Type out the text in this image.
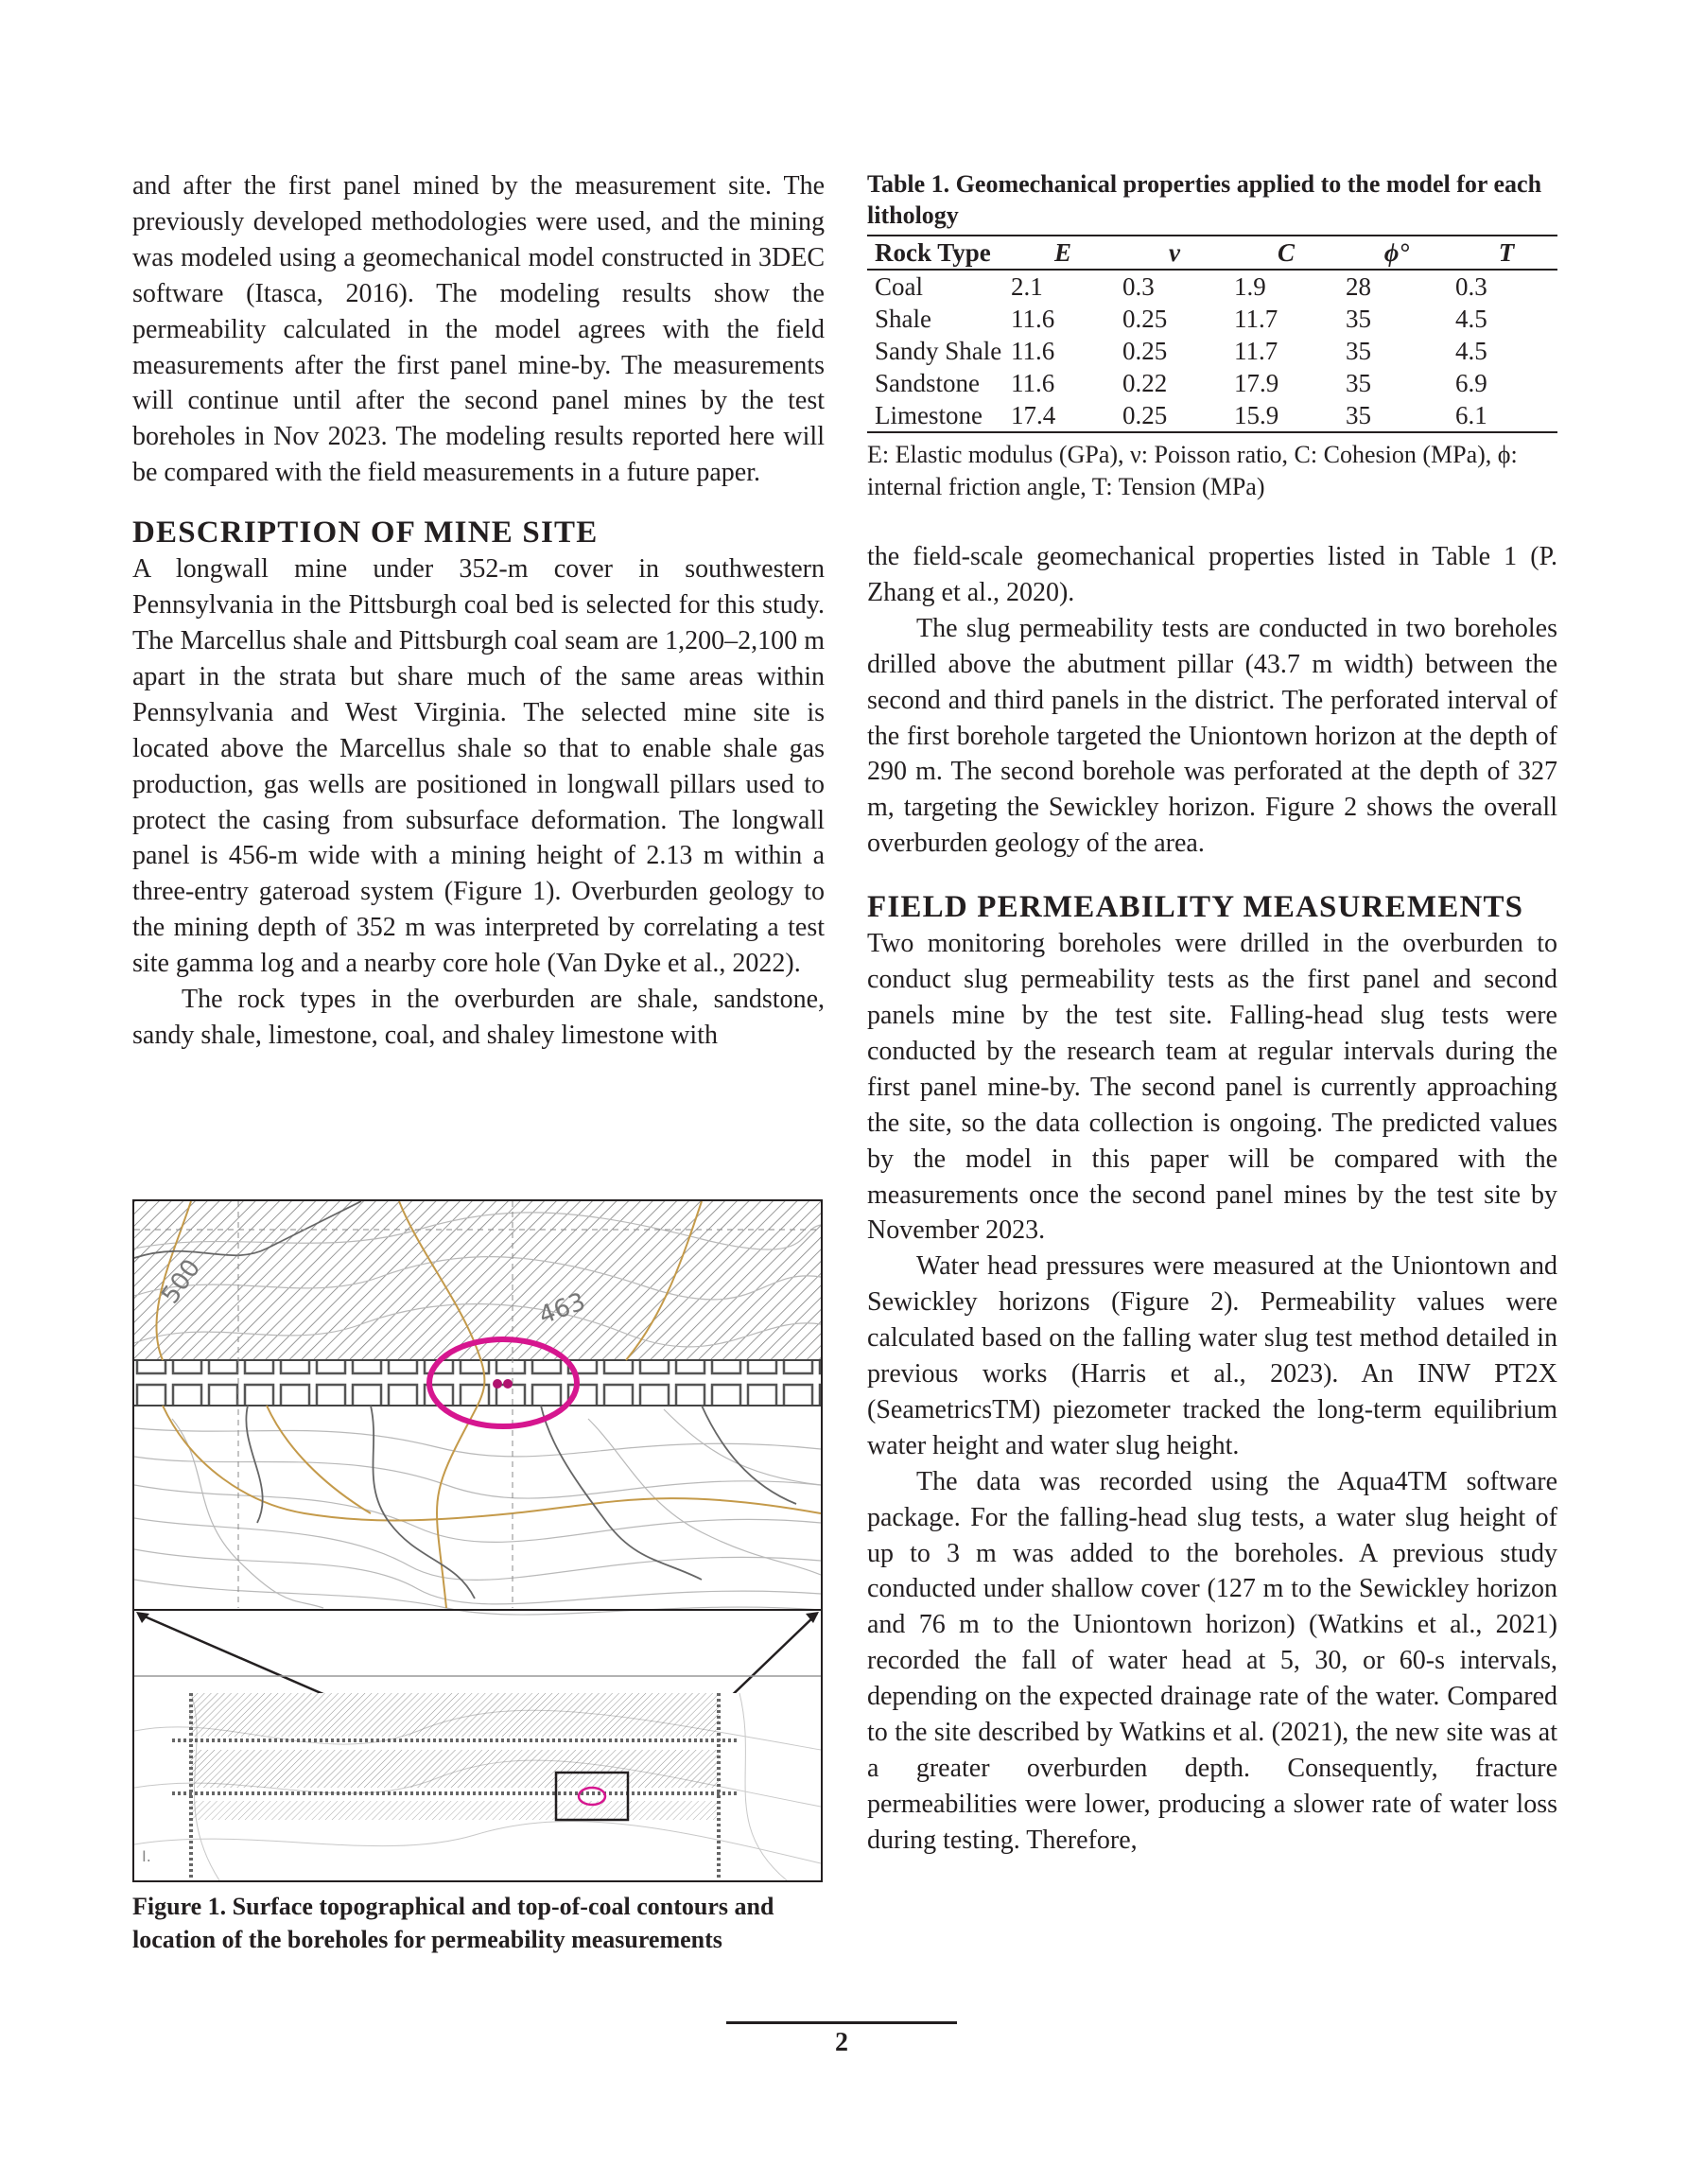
and after the first panel mined by the measurement site. The previously developed methodologies were used, and the mining was modeled using a geomechanical model constructed in 3DEC software (Itasca, 2016). The modeling results show the permeability calculated in the model agrees with the field measurements after the first panel mine-by. The measurements will continue until after the second panel mines by the test boreholes in Nov 2023. The modeling results reported here will be compared with the field measurements in a future paper.

DESCRIPTION OF MINE SITE

A longwall mine under 352-m cover in southwestern Pennsylvania in the Pittsburgh coal bed is selected for this study. The Marcellus shale and Pittsburgh coal seam are 1,200–2,100 m apart in the strata but share much of the same areas within Pennsylvania and West Virginia. The selected mine site is located above the Marcellus shale so that to enable shale gas production, gas wells are positioned in longwall pillars used to protect the casing from subsurface deformation. The longwall panel is 456-m wide with a mining height of 2.13 m within a three-entry gateroad system (Figure 1). Overburden geology to the mining depth of 352 m was interpreted by correlating a test site gamma log and a nearby core hole (Van Dyke et al., 2022).

The rock types in the overburden are shale, sandstone, sandy shale, limestone, coal, and shaley limestone with

500	463
I.
Figure 1. Surface topographical and top-of-coal contours and location of the boreholes for permeability measurements

Table 1. Geomechanical properties applied to the model for each lithology

Rock Type	E	ν	C	ϕ°	T
Coal	2.1	0.3	1.9	28	0.3
Shale	11.6	0.25	11.7	35	4.5
Sandy Shale	11.6	0.25	11.7	35	4.5
Sandstone	11.6	0.22	17.9	35	6.9
Limestone	17.4	0.25	15.9	35	6.1

E: Elastic modulus (GPa), ν: Poisson ratio, C: Cohesion (MPa), ϕ: internal friction angle, T: Tension (MPa)

the field-scale geomechanical properties listed in Table 1 (P. Zhang et al., 2020).

The slug permeability tests are conducted in two boreholes drilled above the abutment pillar (43.7 m width) between the second and third panels in the district. The perforated interval of the first borehole targeted the Uniontown horizon at the depth of 290 m. The second borehole was perforated at the depth of 327 m, targeting the Sewickley horizon. Figure 2 shows the overall overburden geology of the area.

FIELD PERMEABILITY MEASUREMENTS

Two monitoring boreholes were drilled in the overburden to conduct slug permeability tests as the first panel and second panels mine by the test site. Falling-head slug tests were conducted by the research team at regular intervals during the first panel mine-by. The second panel is currently approaching the site, so the data collection is ongoing. The predicted values by the model in this paper will be compared with the measurements once the second panel mines by the test site by November 2023.

Water head pressures were measured at the Uniontown and Sewickley horizons (Figure 2). Permeability values were calculated based on the falling water slug test method detailed in previous works (Harris et al., 2023). An INW PT2X (SeametricsTM) piezometer tracked the long-term equilibrium water height and water slug height.

The data was recorded using the Aqua4TM software package. For the falling-head slug tests, a water slug height of up to 3 m was added to the boreholes. A previous study conducted under shallow cover (127 m to the Sewickley horizon and 76 m to the Uniontown horizon) (Watkins et al., 2021) recorded the fall of water head at 5, 30, or 60-s intervals, depending on the expected drainage rate of the water. Compared to the site described by Watkins et al. (2021), the new site was at a greater overburden depth. Consequently, fracture permeabilities were lower, producing a slower rate of water loss during testing. Therefore,

2
